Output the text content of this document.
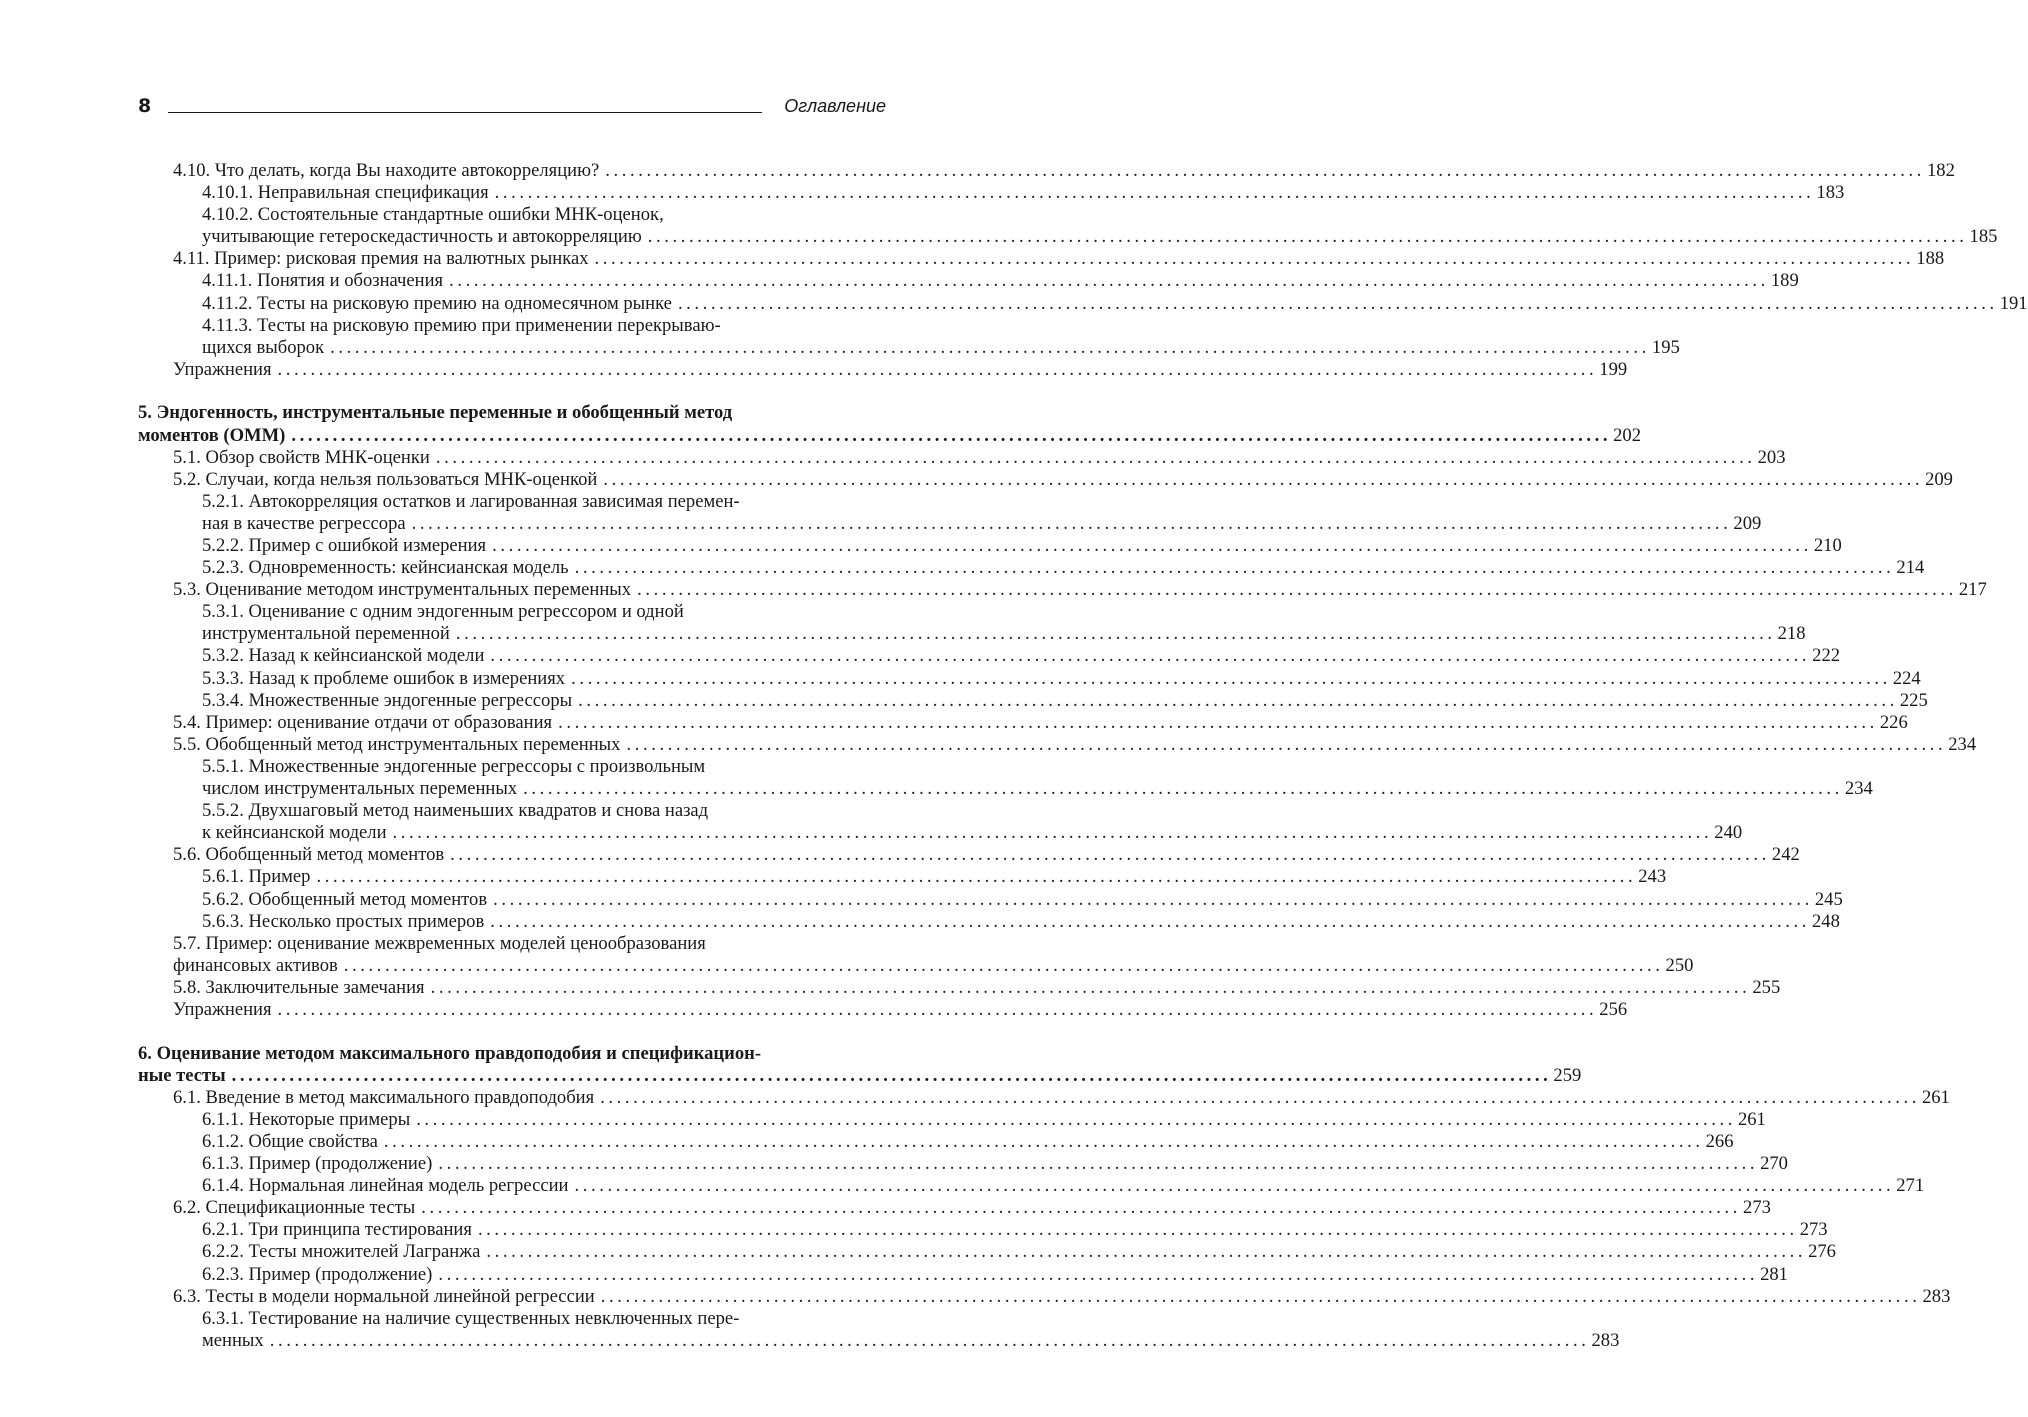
8	Оглавление
4.10. Что делать, когда Вы находите автокорреляцию? ................................................................................................................................................................ 182
4.10.1. Неправильная спецификация ................................................................................................................................................................ 183
4.10.2. Состоятельные стандартные ошибки МНК-оценок,
учитывающие гетероскедастичность и автокорреляцию ................................................................................................................................................................ 185
4.11. Пример: рисковая премия на валютных рынках ................................................................................................................................................................ 188
4.11.1. Понятия и обозначения ................................................................................................................................................................ 189
4.11.2. Тесты на рисковую премию на одномесячном рынке ................................................................................................................................................................ 191
4.11.3. Тесты на рисковую премию при применении перекрываю-
щихся выборок ................................................................................................................................................................ 195
Упражнения ................................................................................................................................................................ 199
5. Эндогенность, инструментальные переменные и обобщенный метод
моментов (ОММ) ................................................................................................................................................................ 202
5.1. Обзор свойств МНК-оценки ................................................................................................................................................................ 203
5.2. Случаи, когда нельзя пользоваться МНК-оценкой ................................................................................................................................................................ 209
5.2.1. Автокорреляция остатков и лагированная зависимая перемен-
ная в качестве регрессора ................................................................................................................................................................ 209
5.2.2. Пример с ошибкой измерения ................................................................................................................................................................ 210
5.2.3. Одновременность: кейнсианская модель ................................................................................................................................................................ 214
5.3. Оценивание методом инструментальных переменных ................................................................................................................................................................ 217
5.3.1. Оценивание с одним эндогенным регрессором и одной
инструментальной переменной ................................................................................................................................................................ 218
5.3.2. Назад к кейнсианской модели ................................................................................................................................................................ 222
5.3.3. Назад к проблеме ошибок в измерениях ................................................................................................................................................................ 224
5.3.4. Множественные эндогенные регрессоры ................................................................................................................................................................ 225
5.4. Пример: оценивание отдачи от образования ................................................................................................................................................................ 226
5.5. Обобщенный метод инструментальных переменных ................................................................................................................................................................ 234
5.5.1. Множественные эндогенные регрессоры с произвольным
числом инструментальных переменных ................................................................................................................................................................ 234
5.5.2. Двухшаговый метод наименьших квадратов и снова назад
к кейнсианской модели ................................................................................................................................................................ 240
5.6. Обобщенный метод моментов ................................................................................................................................................................ 242
5.6.1. Пример ................................................................................................................................................................ 243
5.6.2. Обобщенный метод моментов ................................................................................................................................................................ 245
5.6.3. Несколько простых примеров ................................................................................................................................................................ 248
5.7. Пример: оценивание межвременных моделей ценообразования
финансовых активов ................................................................................................................................................................ 250
5.8. Заключительные замечания ................................................................................................................................................................ 255
Упражнения ................................................................................................................................................................ 256
6. Оценивание методом максимального правдоподобия и спецификацион-
ные тесты ................................................................................................................................................................ 259
6.1. Введение в метод максимального правдоподобия ................................................................................................................................................................ 261
6.1.1. Некоторые примеры ................................................................................................................................................................ 261
6.1.2. Общие свойства ................................................................................................................................................................ 266
6.1.3. Пример (продолжение) ................................................................................................................................................................ 270
6.1.4. Нормальная линейная модель регрессии ................................................................................................................................................................ 271
6.2. Спецификационные тесты ................................................................................................................................................................ 273
6.2.1. Три принципа тестирования ................................................................................................................................................................ 273
6.2.2. Тесты множителей Лагранжа ................................................................................................................................................................ 276
6.2.3. Пример (продолжение) ................................................................................................................................................................ 281
6.3. Тесты в модели нормальной линейной регрессии ................................................................................................................................................................ 283
6.3.1. Тестирование на наличие существенных невключенных пере-
менных ................................................................................................................................................................ 283
